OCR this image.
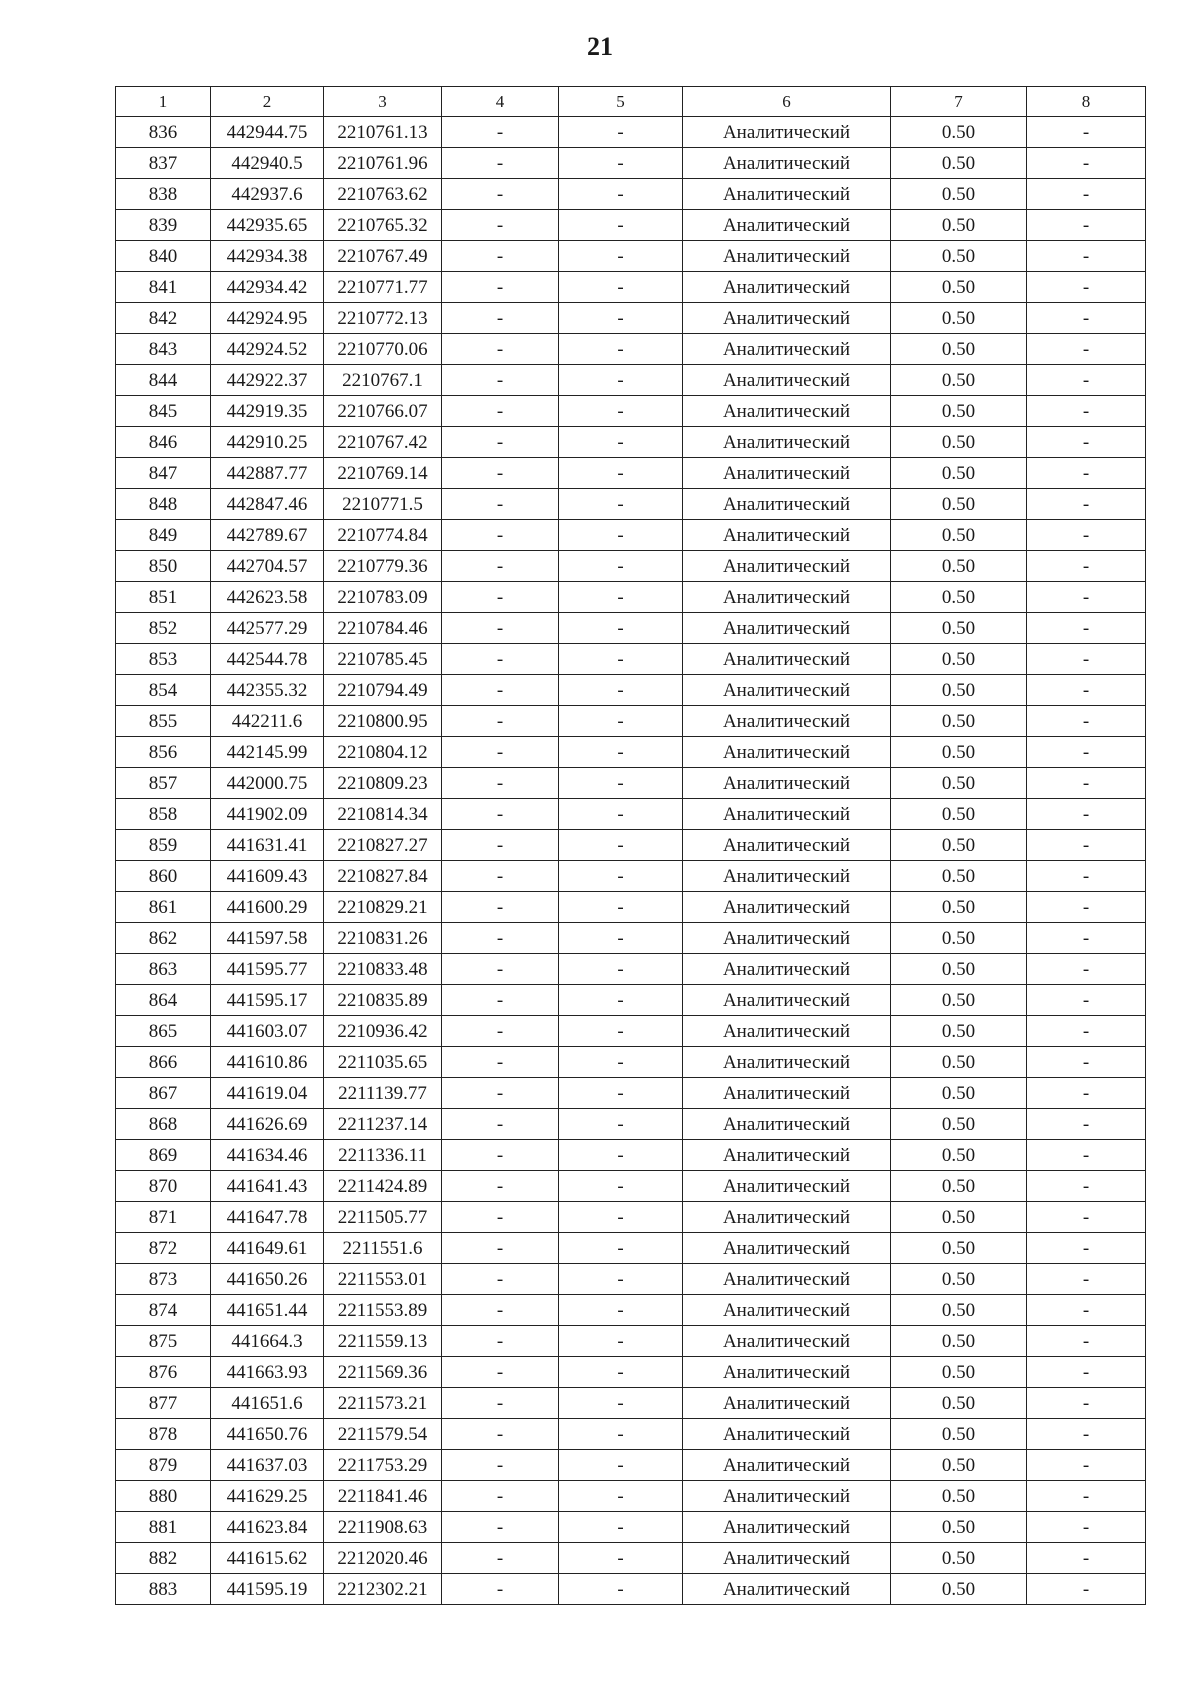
21
1	2	3	4	5	6	7	8
836	442944.75	2210761.13	-	-	Аналитический	0.50	-
837	442940.5	2210761.96	-	-	Аналитический	0.50	-
838	442937.6	2210763.62	-	-	Аналитический	0.50	-
839	442935.65	2210765.32	-	-	Аналитический	0.50	-
840	442934.38	2210767.49	-	-	Аналитический	0.50	-
841	442934.42	2210771.77	-	-	Аналитический	0.50	-
842	442924.95	2210772.13	-	-	Аналитический	0.50	-
843	442924.52	2210770.06	-	-	Аналитический	0.50	-
844	442922.37	2210767.1	-	-	Аналитический	0.50	-
845	442919.35	2210766.07	-	-	Аналитический	0.50	-
846	442910.25	2210767.42	-	-	Аналитический	0.50	-
847	442887.77	2210769.14	-	-	Аналитический	0.50	-
848	442847.46	2210771.5	-	-	Аналитический	0.50	-
849	442789.67	2210774.84	-	-	Аналитический	0.50	-
850	442704.57	2210779.36	-	-	Аналитический	0.50	-
851	442623.58	2210783.09	-	-	Аналитический	0.50	-
852	442577.29	2210784.46	-	-	Аналитический	0.50	-
853	442544.78	2210785.45	-	-	Аналитический	0.50	-
854	442355.32	2210794.49	-	-	Аналитический	0.50	-
855	442211.6	2210800.95	-	-	Аналитический	0.50	-
856	442145.99	2210804.12	-	-	Аналитический	0.50	-
857	442000.75	2210809.23	-	-	Аналитический	0.50	-
858	441902.09	2210814.34	-	-	Аналитический	0.50	-
859	441631.41	2210827.27	-	-	Аналитический	0.50	-
860	441609.43	2210827.84	-	-	Аналитический	0.50	-
861	441600.29	2210829.21	-	-	Аналитический	0.50	-
862	441597.58	2210831.26	-	-	Аналитический	0.50	-
863	441595.77	2210833.48	-	-	Аналитический	0.50	-
864	441595.17	2210835.89	-	-	Аналитический	0.50	-
865	441603.07	2210936.42	-	-	Аналитический	0.50	-
866	441610.86	2211035.65	-	-	Аналитический	0.50	-
867	441619.04	2211139.77	-	-	Аналитический	0.50	-
868	441626.69	2211237.14	-	-	Аналитический	0.50	-
869	441634.46	2211336.11	-	-	Аналитический	0.50	-
870	441641.43	2211424.89	-	-	Аналитический	0.50	-
871	441647.78	2211505.77	-	-	Аналитический	0.50	-
872	441649.61	2211551.6	-	-	Аналитический	0.50	-
873	441650.26	2211553.01	-	-	Аналитический	0.50	-
874	441651.44	2211553.89	-	-	Аналитический	0.50	-
875	441664.3	2211559.13	-	-	Аналитический	0.50	-
876	441663.93	2211569.36	-	-	Аналитический	0.50	-
877	441651.6	2211573.21	-	-	Аналитический	0.50	-
878	441650.76	2211579.54	-	-	Аналитический	0.50	-
879	441637.03	2211753.29	-	-	Аналитический	0.50	-
880	441629.25	2211841.46	-	-	Аналитический	0.50	-
881	441623.84	2211908.63	-	-	Аналитический	0.50	-
882	441615.62	2212020.46	-	-	Аналитический	0.50	-
883	441595.19	2212302.21	-	-	Аналитический	0.50	-
